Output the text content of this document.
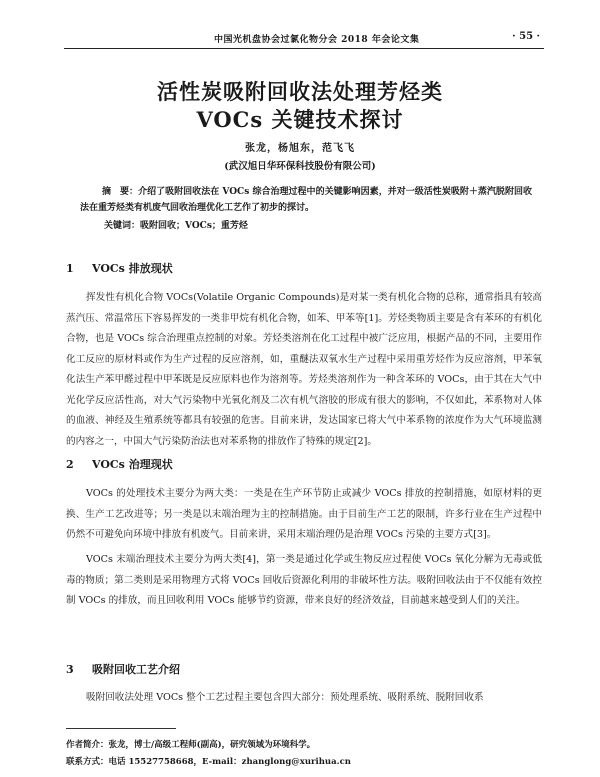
中国光机盘协会过氯化物分会 2018 年会论文集	· 55 ·
活性炭吸附回收法处理芳烃类
VOCs 关键技术探讨
张龙，杨旭东，范飞飞
(武汉旭日华环保科技股份有限公司)

摘　要：介绍了吸附回收法在 VOCs 综合治理过程中的关键影响因素，并对一级活性炭吸附＋蒸汽脱附回收法在重芳烃类有机废气回收治理优化工艺作了初步的探讨。

关键词：吸附回收；VOCs；重芳烃
1 VOCs 排放现状

挥发性有机化合物 VOCs(Volatile Organic Compounds)是对某一类有机化合物的总称，通常指具有较高蒸汽压、常温常压下容易挥发的一类非甲烷有机化合物，如苯、甲苯等[1]。芳烃类物质主要是含有苯环的有机化合物，也是 VOCs 综合治理重点控制的对象。芳烃类溶剂在化工过程中被广泛应用，根据产品的不同，主要用作化工反应的原材料或作为生产过程的反应溶剂，如，重醚法双氧水生产过程中采用重芳烃作为反应溶剂，甲苯氧化法生产苯甲醛过程中甲苯既是反应原料也作为溶剂等。芳烃类溶剂作为一种含苯环的 VOCs，由于其在大气中光化学反应活性高，对大气污染物中光氧化剂及二次有机气溶胶的形成有很大的影响，不仅如此，苯系物对人体的血液、神经及生殖系统等都具有较强的危害。目前来讲，发达国家已将大气中苯系物的浓度作为大气环境监测的内容之一，中国大气污染防治法也对苯系物的排放作了特殊的规定[2]。

2 VOCs 治理现状

VOCs 的处理技术主要分为两大类：一类是在生产环节防止或减少 VOCs 排放的控制措施，如原材料的更换、生产工艺改进等；另一类是以末端治理为主的控制措施。由于目前生产工艺的限制，许多行业在生产过程中仍然不可避免向环境中排放有机废气。目前来讲，采用末端治理仍是治理 VOCs 污染的主要方式[3]。

VOCs 末端治理技术主要分为两大类[4]，第一类是通过化学或生物反应过程使 VOCs 氧化分解为无毒或低毒的物质；第二类则是采用物理方式将 VOCs 回收后资源化利用的非破坏性方法。吸附回收法由于不仅能有效控制 VOCs 的排放，而且回收利用 VOCs 能够节约资源，带来良好的经济效益，目前越来越受到人们的关注。

3 吸附回收工艺介绍

吸附回收法处理 VOCs 整个工艺过程主要包含四大部分：预处理系统、吸附系统、脱附回收系

作者简介：张龙，博士/高级工程师(副高)，研究领域为环境科学。
联系方式：电话 15527758668，E-mail：zhanglong@xurihua.cn
